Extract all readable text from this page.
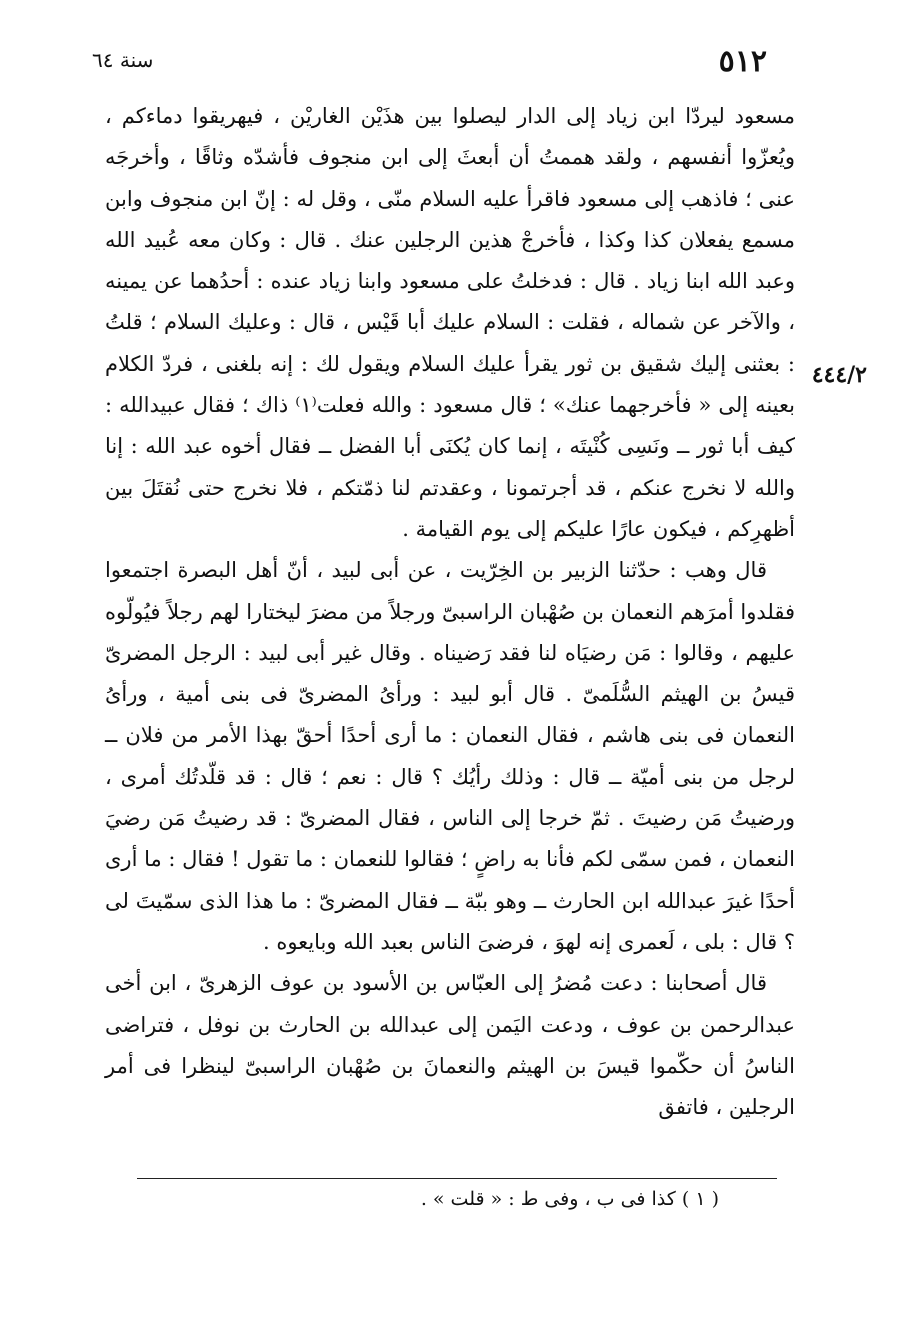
٥١٢
سنة ٦٤
٤٤٤/٢

مسعود ليردّا ابن زياد إلى الدار ليصلوا بين هذَيْن الغاريْن ، فيهريقوا دماءكم ، ويُعزّوا أنفسهم ، ولقد هممتُ أن أبعثَ إلى ابن منجوف فأشدّه وثاقًا ، وأخرجَه عنى ؛ فاذهب إلى مسعود فاقرأ عليه السلام منّى ، وقل له : إنّ ابن منجوف وابن مسمع يفعلان كذا وكذا ، فأخرجْ هذين الرجلين عنك . قال : وكان معه عُبيد الله وعبد الله ابنا زياد . قال : فدخلتُ على مسعود وابنا زياد عنده : أحدُهما عن يمينه ، والآخر عن شماله ، فقلت : السلام عليك أبا قَيْس ، قال : وعليك السلام ؛ قلتُ : بعثنى إليك شقيق بن ثور يقرأ عليك السلام ويقول لك : إنه بلغنى ، فردّ الكلام بعينه إلى « فأخرجهما عنك» ؛ قال مسعود : والله فعلت⁽١⁾ ذاك ؛ فقال عبيدالله : كيف أبا ثور ــ ونَسِى كُنْيتَه ، إنما كان يُكنَى أبا الفضل ــ فقال أخوه عبد الله : إنا والله لا نخرج عنكم ، قد أجرتمونا ، وعقدتم لنا ذمّتكم ، فلا نخرج حتى نُقتَلَ بين أظهرِكم ، فيكون عارًا عليكم إلى يوم القيامة .

قال وهب : حدّثنا الزبير بن الخِرّيت ، عن أبى لبيد ، أنّ أهل البصرة اجتمعوا فقلدوا أمرَهم النعمان بن صُهْبان الراسبىّ ورجلاً من مضرَ ليختارا لهم رجلاً فيُولّوه عليهم ، وقالوا : مَن رضيَاه لنا فقد رَضيناه . وقال غير أبى لبيد : الرجل المضرىّ قيسُ بن الهيثم السُّلَمىّ . قال أبو لبيد : ورأىُ المضرىّ فى بنى أمية ، ورأىُ النعمان فى بنى هاشم ، فقال النعمان : ما أرى أحدًا أحقّ بهذا الأمر من فلان ــ لرجل من بنى أميّة ــ قال : وذلك رأيُك ؟ قال : نعم ؛ قال : قد قلّدتُك أمرى ، ورضيتُ مَن رضيتَ . ثمّ خرجا إلى الناس ، فقال المضرىّ : قد رضيتُ مَن رضيَ النعمان ، فمن سمّى لكم فأنا به راضٍ ؛ فقالوا للنعمان : ما تقول ! فقال : ما أرى أحدًا غيرَ عبدالله ابن الحارث ــ وهو ببّة ــ فقال المضرىّ : ما هذا الذى سمّيتَ لى ؟ قال : بلى ، لَعمرى إنه لهوَ ، فرضىَ الناس بعبد الله وبايعوه .

قال أصحابنا : دعت مُضرُ إلى العبّاس بن الأسود بن عوف الزهرىّ ، ابن أخى عبدالرحمن بن عوف ، ودعت اليَمن إلى عبدالله بن الحارث بن نوفل ، فتراضى الناسُ أن حكّموا قيسَ بن الهيثم والنعمانَ بن صُهْبان الراسبىّ لينظرا فى أمر الرجلين ، فاتفق

( ١ ) كذا فى ب ، وفى ط : « قلت » .
